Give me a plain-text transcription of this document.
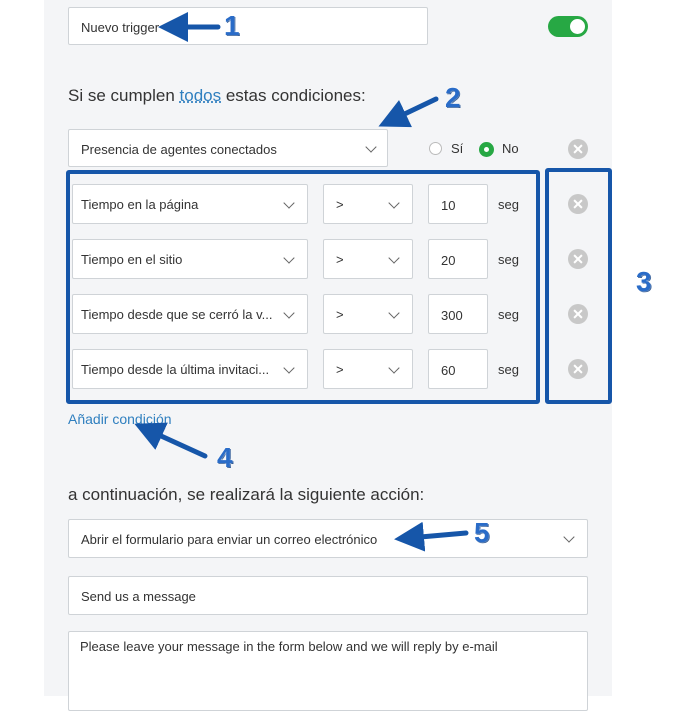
Nuevo trigger
Si se cumplen todos estas condiciones:
Presencia de agentes conectados	Sí	No
Tiempo en la página	>	10	seg
Tiempo en el sitio	>	20	seg
Tiempo desde que se cerró la v...	>	300	seg
Tiempo desde la última invitaci...	>	60	seg
Añadir condición
a continuación, se realizará la siguiente acción:
Abrir el formulario para enviar un correo electrónico
Send us a message
Please leave your message in the form below and we will reply by e-mail
1
2
3
4
5
